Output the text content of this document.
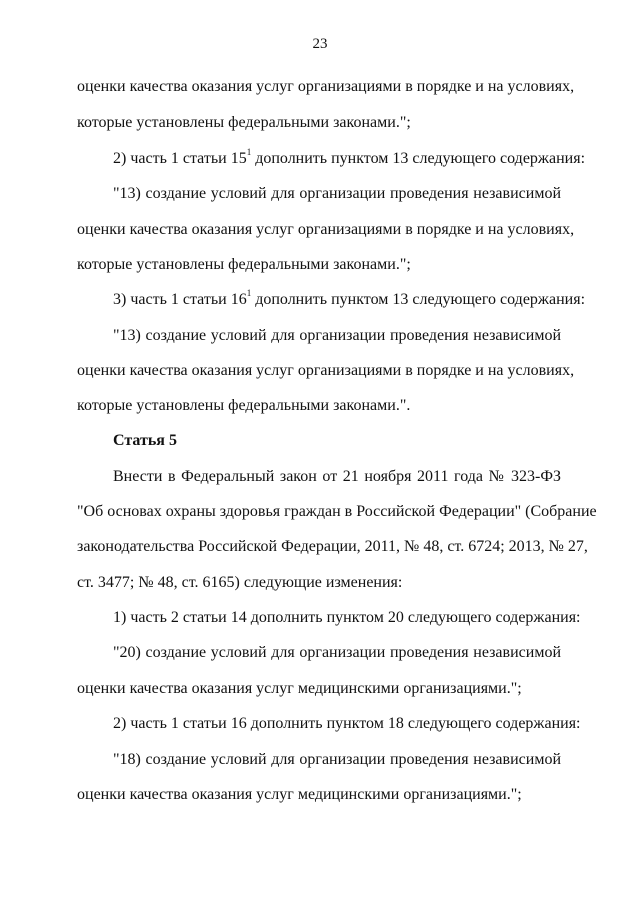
23
оценки качества оказания услуг организациями в порядке и на условиях,
которые установлены федеральными законами.";
2) часть 1 статьи $15^1$ дополнить пунктом 13 следующего содержания:
"13) создание условий для организации проведения независимой
оценки качества оказания услуг организациями в порядке и на условиях,
которые установлены федеральными законами.";
3) часть 1 статьи $16^1$ дополнить пунктом 13 следующего содержания:
"13) создание условий для организации проведения независимой
оценки качества оказания услуг организациями в порядке и на условиях,
которые установлены федеральными законами.".
Статья 5
Внести в Федеральный закон от 21 ноября 2011 года № 323-ФЗ
"Об основах охраны здоровья граждан в Российской Федерации" (Собрание
законодательства Российской Федерации, 2011, № 48, ст. 6724; 2013, № 27,
ст. 3477; № 48, ст. 6165) следующие изменения:
1) часть 2 статьи 14 дополнить пунктом 20 следующего содержания:
"20) создание условий для организации проведения независимой
оценки качества оказания услуг медицинскими организациями.";
2) часть 1 статьи 16 дополнить пунктом 18 следующего содержания:
"18) создание условий для организации проведения независимой
оценки качества оказания услуг медицинскими организациями.";
